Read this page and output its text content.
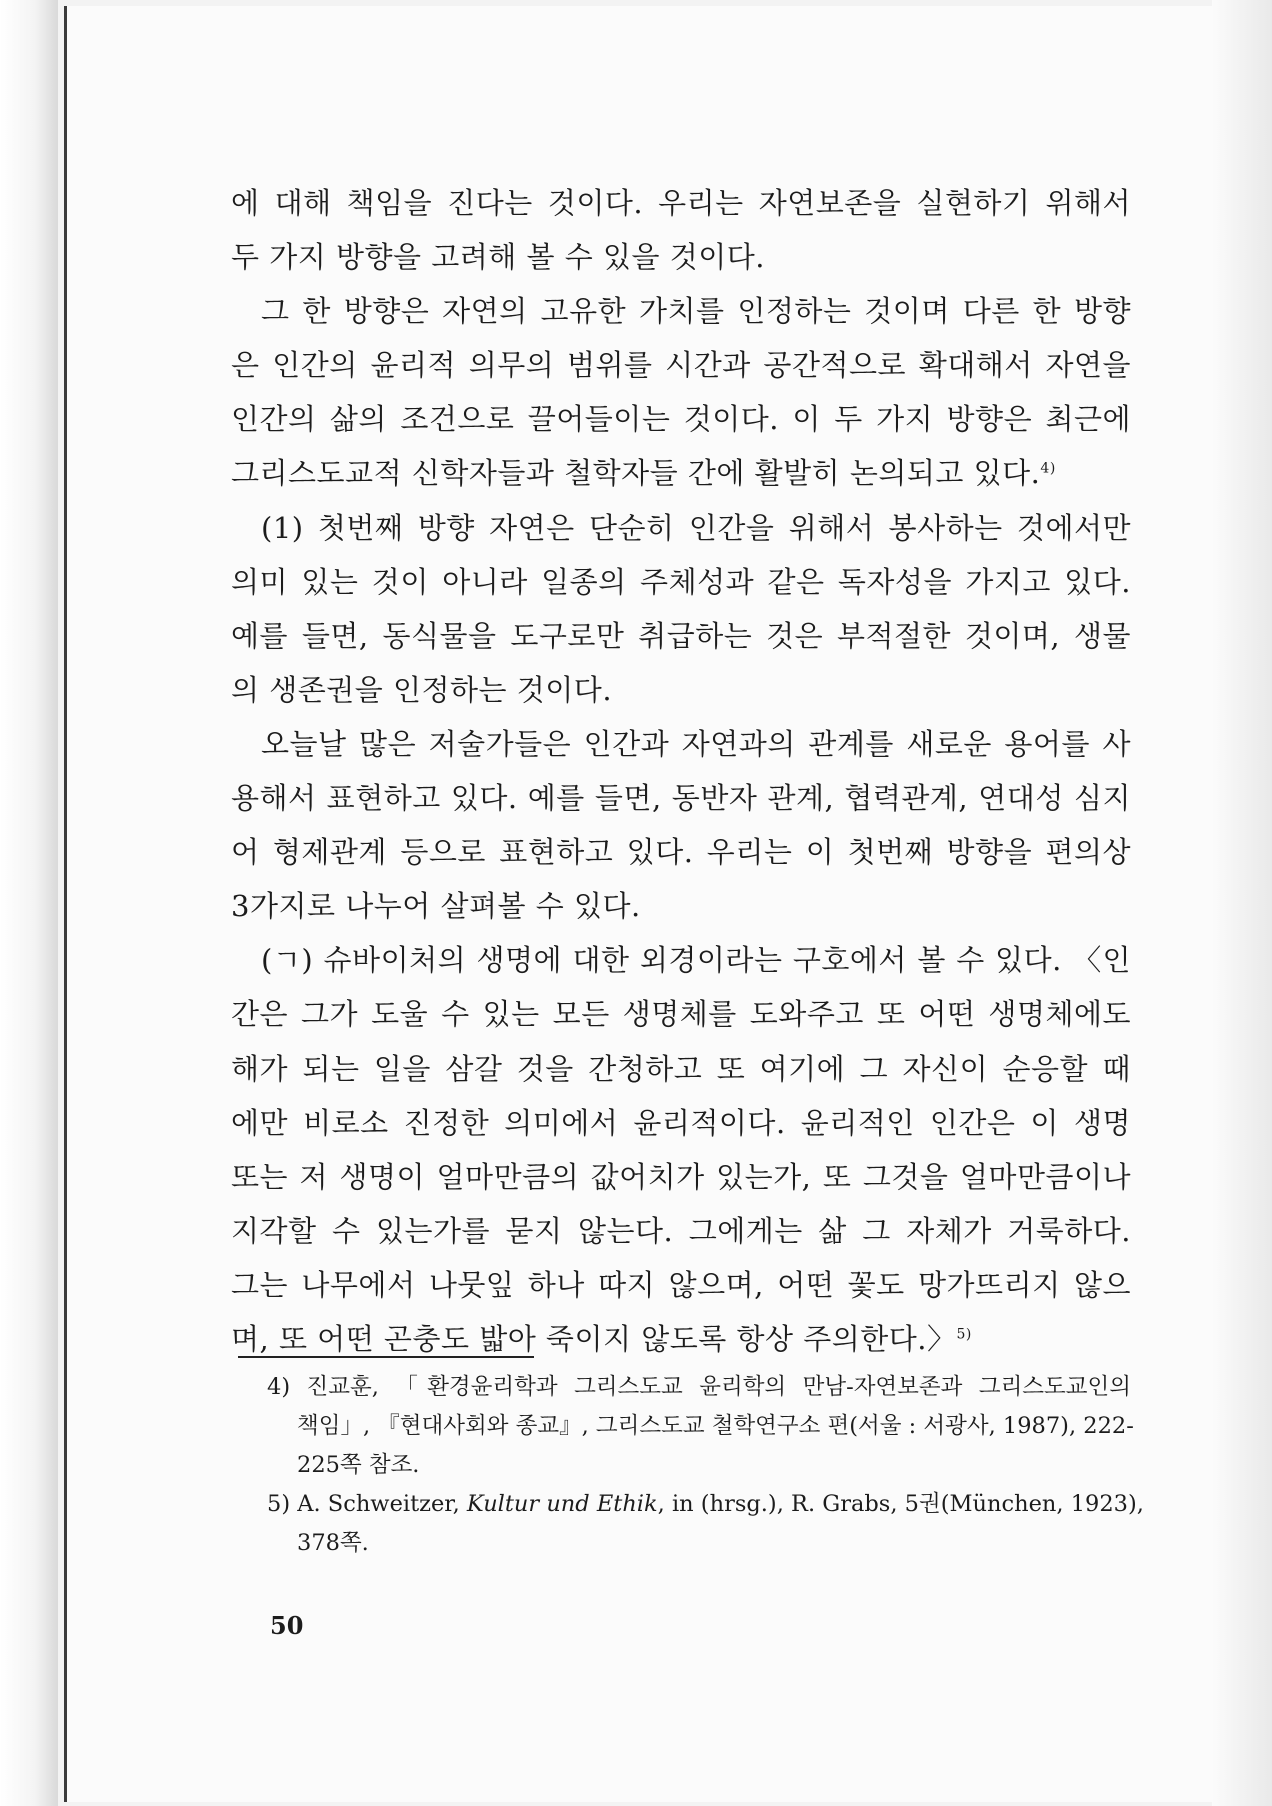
에 대해 책임을 진다는 것이다. 우리는 자연보존을 실현하기 위해서
두 가지 방향을 고려해 볼 수 있을 것이다.
그 한 방향은 자연의 고유한 가치를 인정하는 것이며 다른 한 방향
은 인간의 윤리적 의무의 범위를 시간과 공간적으로 확대해서 자연을
인간의 삶의 조건으로 끌어들이는 것이다. 이 두 가지 방향은 최근에
그리스도교적 신학자들과 철학자들 간에 활발히 논의되고 있다.$^{4)}$
(1) 첫번째 방향 자연은 단순히 인간을 위해서 봉사하는 것에서만
의미 있는 것이 아니라 일종의 주체성과 같은 독자성을 가지고 있다.
예를 들면, 동식물을 도구로만 취급하는 것은 부적절한 것이며, 생물
의 생존권을 인정하는 것이다.
오늘날 많은 저술가들은 인간과 자연과의 관계를 새로운 용어를 사
용해서 표현하고 있다. 예를 들면, 동반자 관계, 협력관계, 연대성 심지
어 형제관계 등으로 표현하고 있다. 우리는 이 첫번째 방향을 편의상
3가지로 나누어 살펴볼 수 있다.
(ㄱ) 슈바이처의 생명에 대한 외경이라는 구호에서 볼 수 있다. 〈인
간은 그가 도울 수 있는 모든 생명체를 도와주고 또 어떤 생명체에도
해가 되는 일을 삼갈 것을 간청하고 또 여기에 그 자신이 순응할 때
에만 비로소 진정한 의미에서 윤리적이다. 윤리적인 인간은 이 생명
또는 저 생명이 얼마만큼의 값어치가 있는가, 또 그것을 얼마만큼이나
지각할 수 있는가를 묻지 않는다. 그에게는 삶 그 자체가 거룩하다.
그는 나무에서 나뭇잎 하나 따지 않으며, 어떤 꽃도 망가뜨리지 않으
며, 또 어떤 곤충도 밟아 죽이지 않도록 항상 주의한다.〉$^{5)}$
4) 진교훈, 「환경윤리학과 그리스도교 윤리학의 만남-자연보존과 그리스도교인의
책임」, 『현대사회와 종교』, 그리스도교 철학연구소 편(서울 : 서광사, 1987), 222-
225쪽 참조.
5) A. Schweitzer, Kultur und Ethik, in (hrsg.), R. Grabs, 5권(München, 1923),
378쪽.
50
